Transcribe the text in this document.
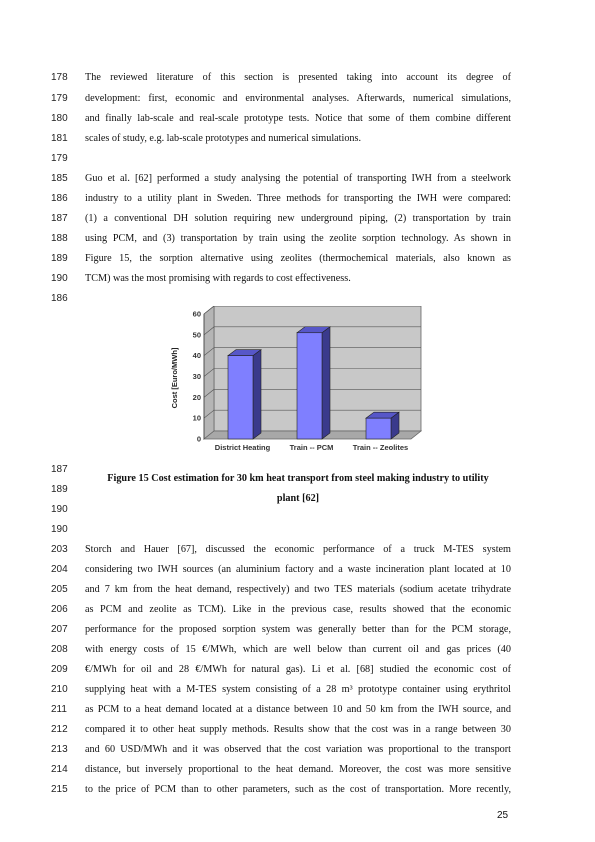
178 The reviewed literature of this section is presented taking into account its degree of
179 development: first, economic and environmental analyses. Afterwards, numerical simulations,
180 and finally lab-scale and real-scale prototype tests. Notice that some of them combine different
181 scales of study, e.g. lab-scale prototypes and numerical simulations.
179
185 Guo et al. [62] performed a study analysing the potential of transporting IWH from a steelwork
186 industry to a utility plant in Sweden. Three methods for transporting the IWH were compared:
187 (1) a conventional DH solution requiring new underground piping, (2) transportation by train
188 using PCM, and (3) transportation by train using the zeolite sorption technology. As shown in
189 Figure 15, the sorption alternative using zeolites (thermochemical materials, also known as
190 TCM) was the most promising with regards to cost effectiveness.
186
187
189
190
190
203 Storch and Hauer [67], discussed the economic performance of a truck M-TES system
204 considering two IWH sources (an aluminium factory and a waste incineration plant located at 10
205 and 7 km from the heat demand, respectively) and two TES materials (sodium acetate trihydrate
206 as PCM and zeolite as TCM). Like in the previous case, results showed that the economic
207 performance for the proposed sorption system was generally better than for the PCM storage,
208 with energy costs of 15 €/MWh, which are well below than current oil and gas prices (40
209 €/MWh for oil and 28 €/MWh for natural gas). Li et al. [68] studied the economic cost of
210 supplying heat with a M-TES system consisting of a 28 m³ prototype container using erythritol
211 as PCM to a heat demand located at a distance between 10 and 50 km from the IWH source, and
212 compared it to other heat supply methods. Results show that the cost was in a range between 30
213 and 60 USD/MWh and it was observed that the cost variation was proportional to the transport
214 distance, but inversely proportional to the heat demand. Moreover, the cost was more sensitive
215 to the price of PCM than to other parameters, such as the cost of transportation. More recently,
Figure 15 Cost estimation for 30 km heat transport from steel making industry to utility
plant [62]
0
10
20
30
40
50
60
District Heating	Train -- PCM	Train -- Zeolites
Cost [Euro/MWh]
25
